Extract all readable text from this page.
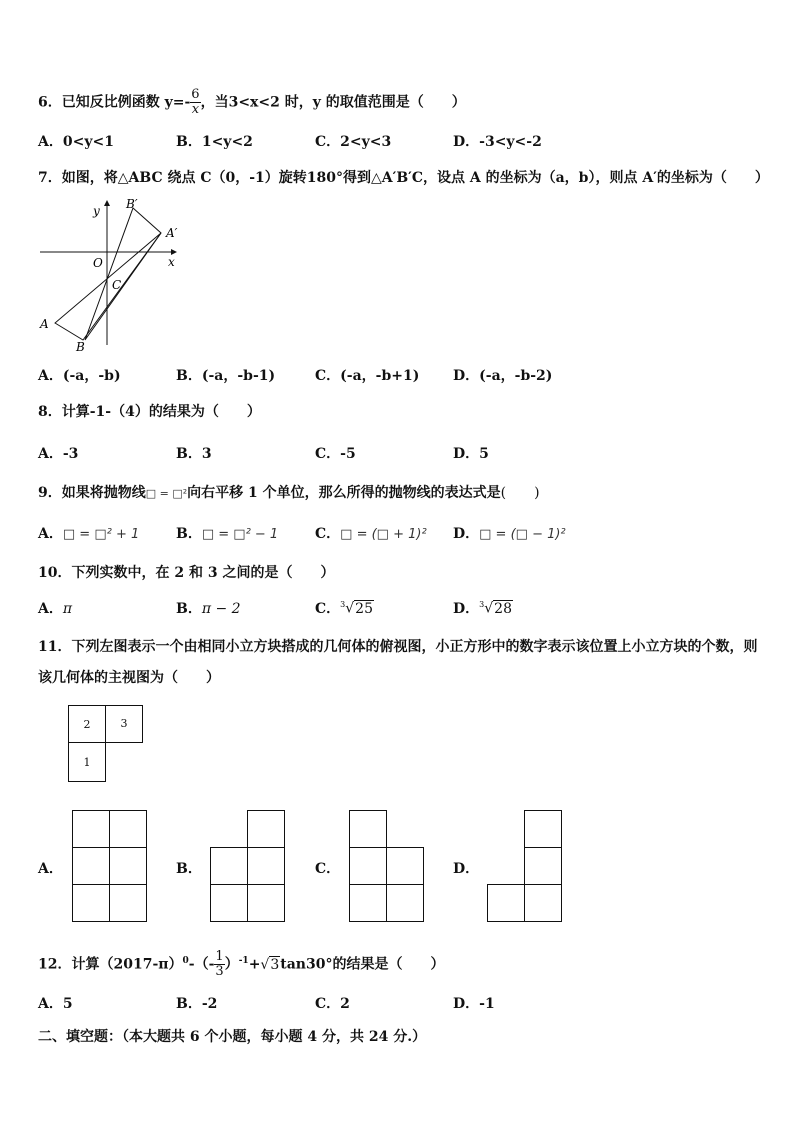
6．已知反比例函数 $y=- \frac{6}{x}$ ，当3<x<2 时，y 的取值范围是（　　）
A．0<y<1	B．1<y<2	C．2<y<3	D．-3<y<-2
7．如图，将△ABC 绕点 C（0，-1）旋转180°得到△A′B′C，设点 A 的坐标为（a，b），则点 A′的坐标为（　　）
y
x
O
C
A
B
A′
B′
A．(-a，-b)	B．(-a，-b-1)	C．(-a，-b+1) D．(-a，-b-2)
8．计算-1-（4）的结果为（　　）
A．-3	B．3	C．-5	D．5
9．如果将抛物线□ = □²向右平移 1 个单位，那么所得的抛物线的表达式是(　　)
A．□ = □² + 1	B．□ = □² − 1	C．□ = (□ + 1)² D．□ = (□ − 1)²
10．下列实数中，在 2 和 3 之间的是（　　）
A．π	B．π − 2	C．$^3$√25	D．$^3$√28
11．下列左图表示一个由相同小立方块搭成的几何体的俯视图，小正方形中的数字表示该位置上小立方块的个数，则
该几何体的主视图为（　　）
2	3
1
A．	B．	C．	D．
12．计算$(2017-\pi)^0-(- \frac{1}{3} )^{-1}+√3\tan 30^\circ$的结果是（　　）
A．5	B．-2	C．2	D．-1
二、填空题：（本大题共 6 个小题，每小题 4 分，共 24 分.）
